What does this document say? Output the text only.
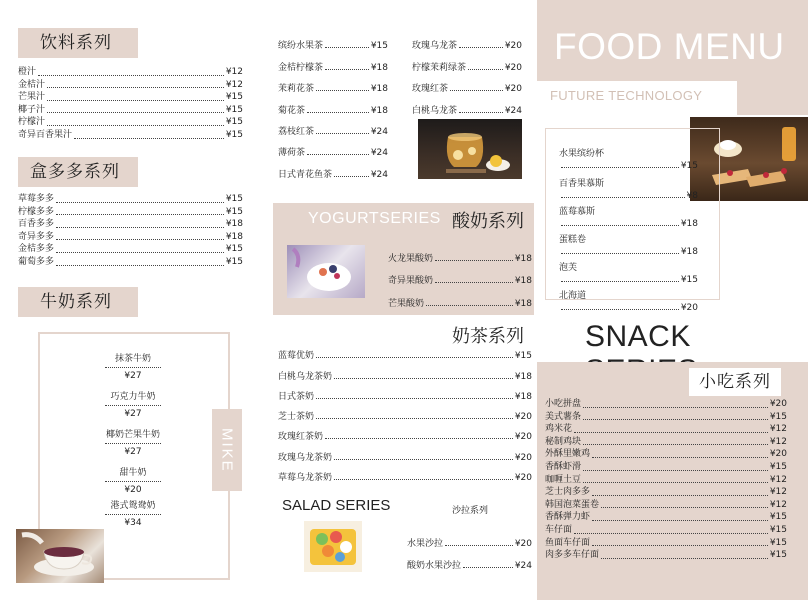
饮料系列
橙汁	¥12
金桔汁	¥12
芒果汁	¥15
椰子汁	¥15
柠檬汁	¥15
奇异百香果汁	¥15
盒多多系列
草莓多多	¥15
柠檬多多	¥15
百香多多	¥18
奇异多多	¥18
金桔多多	¥15
葡萄多多	¥15
牛奶系列
MIKE
抹茶牛奶
¥27
巧克力牛奶
¥27
椰奶芒果牛奶
¥27
甜牛奶
¥20
港式鸳鸯奶
¥34
缤纷水果茶	¥15
金桔柠檬茶	¥18
茉莉花茶	¥18
菊花茶	¥18
荔枝红茶	¥24
薄荷茶	¥24
日式青花鱼茶	¥24
玫瑰乌龙茶	¥20
柠檬茉莉绿茶	¥20
玫瑰红茶	¥20
白桃乌龙茶	¥24
YOGURTSERIES 酸奶系列
火龙果酸奶	¥18
奇异果酸奶	¥18
芒果酸奶	¥18
奶茶系列
蓝莓优奶	¥15
白桃乌龙茶奶	¥18
日式茶奶	¥18
芝士茶奶	¥20
玫瑰红茶奶	¥20
玫瑰乌龙茶奶	¥20
草莓乌龙茶奶	¥20
SALAD SERIES	沙拉系列
水果沙拉	¥20
酸奶水果沙拉	¥24
FOOD MENU
FUTURE TECHNOLOGY
水果缤纷杯
¥15
百香果慕斯
¥8
蓝莓慕斯
¥18
蛋糕卷
¥18
泡芙
¥15
北海道
¥20
SNACK
小吃系列
小吃拼盘	¥20
美式薯条	¥15
鸡米花	¥12
秘制鸡块	¥12
外酥里嫩鸡	¥20
香酥虾滑	¥15
咖喱土豆	¥12
芝士肉多多	¥12
韩国泡菜蛋卷	¥12
香酥弹力虾	¥15
车仔面	¥15
鱼面车仔面	¥15
肉多多车仔面	¥15
